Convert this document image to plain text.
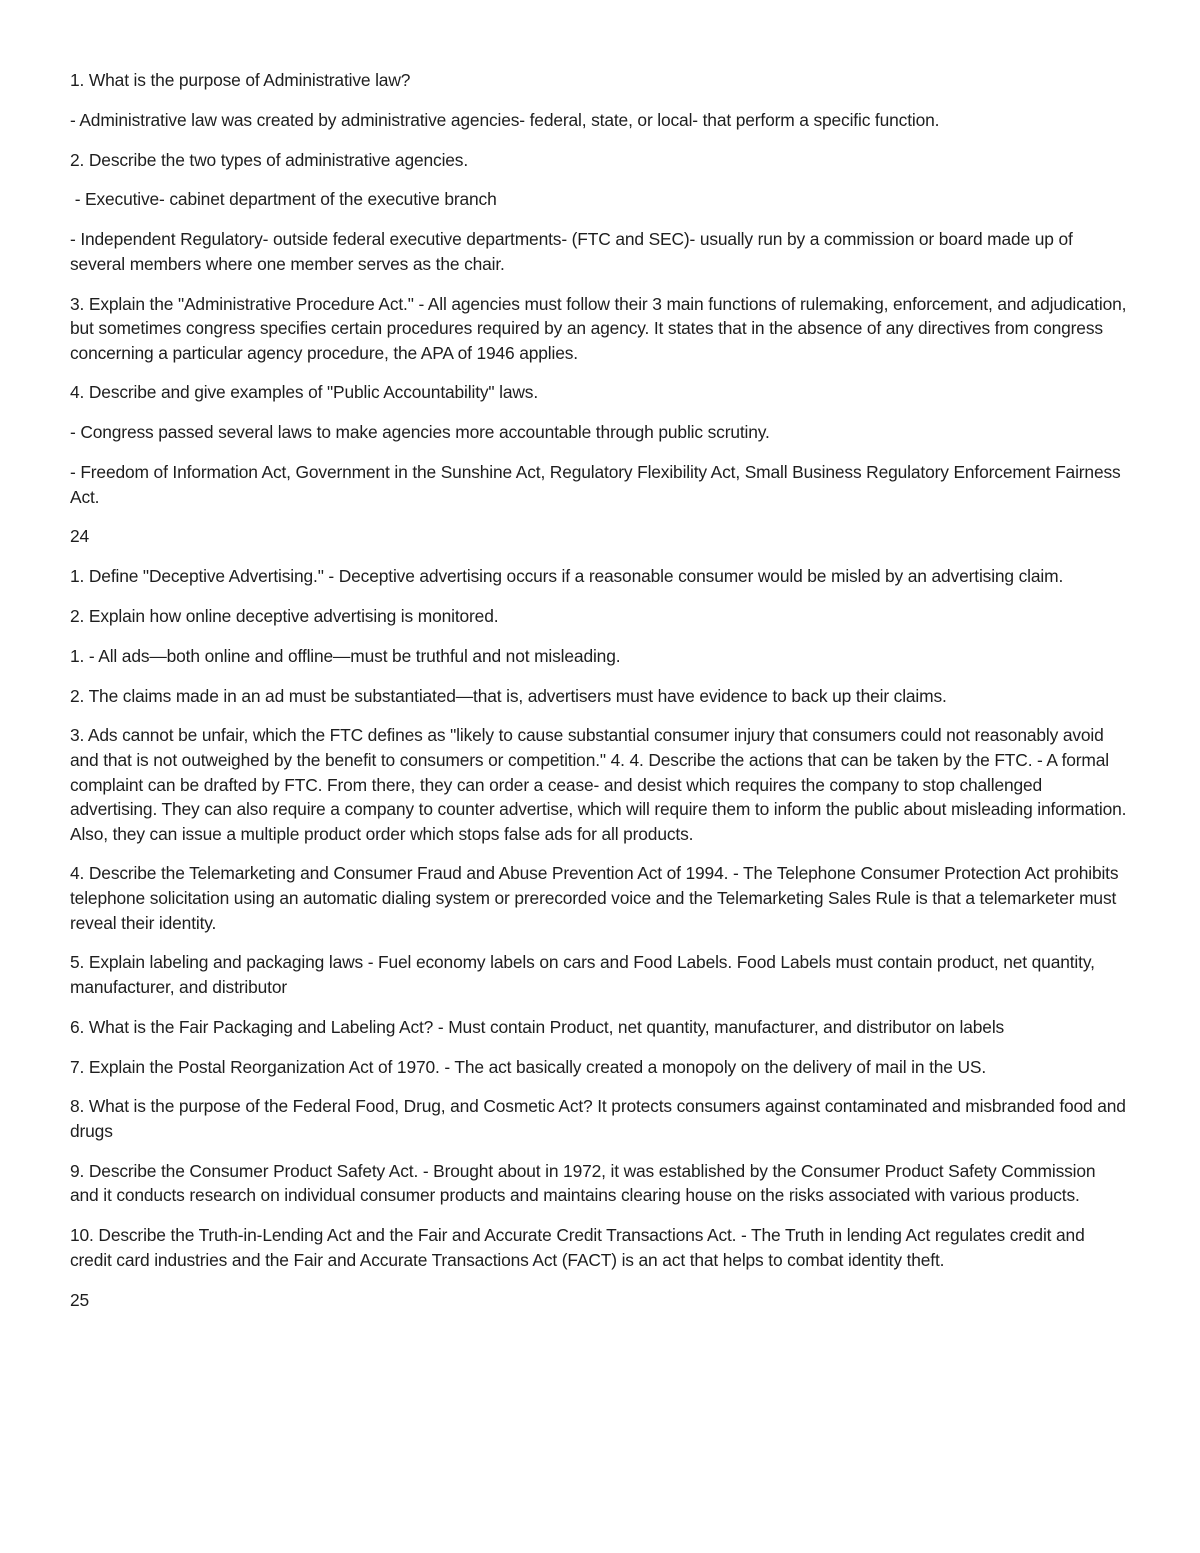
1. What is the purpose of Administrative law?

- Administrative law was created by administrative agencies- federal, state, or local- that perform a specific function.

2. Describe the two types of administrative agencies.

- Executive- cabinet department of the executive branch

- Independent Regulatory- outside federal executive departments- (FTC and SEC)- usually run by a commission or board made up of several members where one member serves as the chair.

3. Explain the "Administrative Procedure Act." - All agencies must follow their 3 main functions of rulemaking, enforcement, and adjudication, but sometimes congress specifies certain procedures required by an agency. It states that in the absence of any directives from congress concerning a particular agency procedure, the APA of 1946 applies.

4. Describe and give examples of "Public Accountability" laws.

- Congress passed several laws to make agencies more accountable through public scrutiny.

- Freedom of Information Act, Government in the Sunshine Act, Regulatory Flexibility Act, Small Business Regulatory Enforcement Fairness Act.

24

1. Define "Deceptive Advertising." - Deceptive advertising occurs if a reasonable consumer would be misled by an advertising claim.

2. Explain how online deceptive advertising is monitored.

1. - All ads—both online and offline—must be truthful and not misleading.

2. The claims made in an ad must be substantiated—that is, advertisers must have evidence to back up their claims.

3. Ads cannot be unfair, which the FTC defines as "likely to cause substantial consumer injury that consumers could not reasonably avoid and that is not outweighed by the benefit to consumers or competition." 4. 4. Describe the actions that can be taken by the FTC. - A formal complaint can be drafted by FTC. From there, they can order a cease- and desist which requires the company to stop challenged advertising. They can also require a company to counter advertise, which will require them to inform the public about misleading information. Also, they can issue a multiple product order which stops false ads for all products.

4. Describe the Telemarketing and Consumer Fraud and Abuse Prevention Act of 1994. - The Telephone Consumer Protection Act prohibits telephone solicitation using an automatic dialing system or prerecorded voice and the Telemarketing Sales Rule is that a telemarketer must reveal their identity.

5. Explain labeling and packaging laws - Fuel economy labels on cars and Food Labels. Food Labels must contain product, net quantity, manufacturer, and distributor

6. What is the Fair Packaging and Labeling Act? - Must contain Product, net quantity, manufacturer, and distributor on labels

7. Explain the Postal Reorganization Act of 1970. - The act basically created a monopoly on the delivery of mail in the US.

8. What is the purpose of the Federal Food, Drug, and Cosmetic Act? It protects consumers against contaminated and misbranded food and drugs

9. Describe the Consumer Product Safety Act. - Brought about in 1972, it was established by the Consumer Product Safety Commission and it conducts research on individual consumer products and maintains clearing house on the risks associated with various products.

10. Describe the Truth-in-Lending Act and the Fair and Accurate Credit Transactions Act. - The Truth in lending Act regulates credit and credit card industries and the Fair and Accurate Transactions Act (FACT) is an act that helps to combat identity theft.

25
